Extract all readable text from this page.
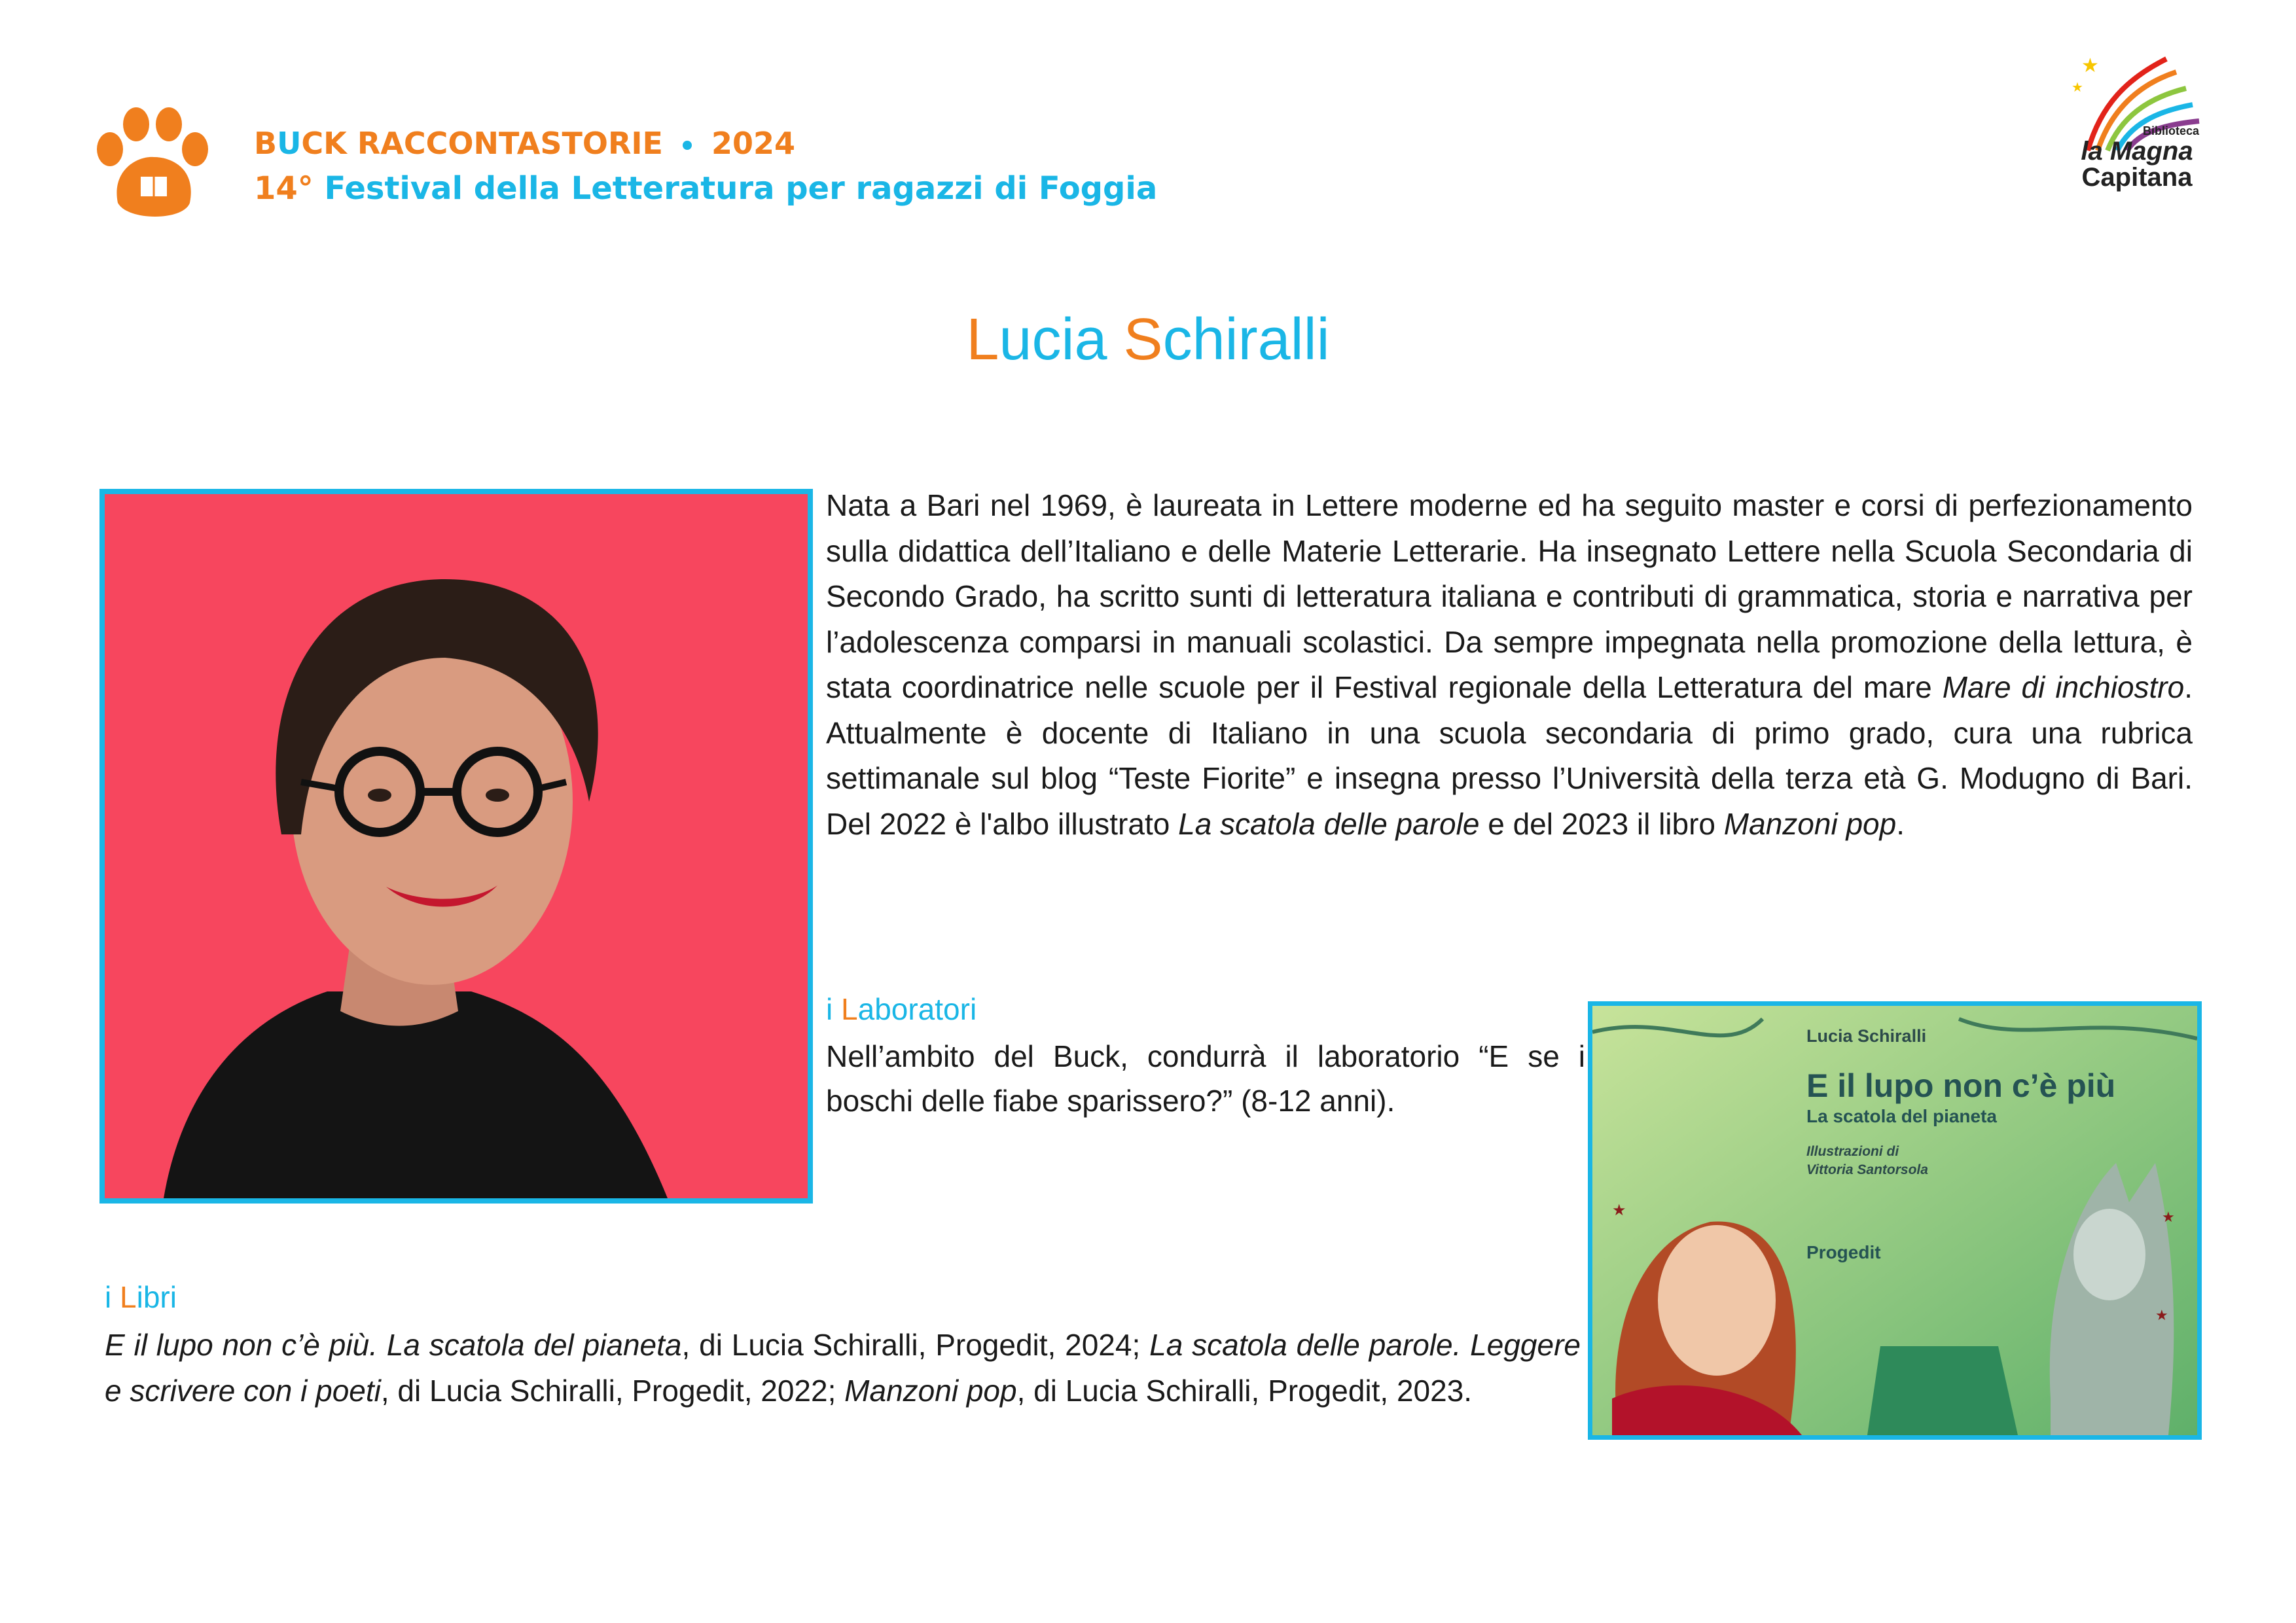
BUCK RACCONTASTORIE 2024
14° Festival della Letteratura per ragazzi di Foggia
★
★
Biblioteca
la Magna
Capitana
Lucia Schiralli
Nata a Bari nel 1969, è laureata in Lettere moderne ed ha seguito master e corsi di perfezionamento sulla didattica dell’Italiano e delle Materie Letterarie. Ha insegnato Lettere nella Scuola Secondaria di Secondo Grado, ha scritto sunti di letteratura italiana e contributi di grammatica, storia e narrativa per l’adolescenza comparsi in manuali scolastici. Da sempre impegnata nella promozione della lettura, è stata coordinatrice nelle scuole per il Festival regionale della Letteratura del mare Mare di inchiostro. Attualmente è docente di Italiano in una scuola secondaria di primo grado, cura una rubrica settimanale sul blog “Teste Fiorite” e insegna presso l’Università della terza età G. Modugno di Bari. Del 2022 è l'albo illustrato La scatola delle parole e del 2023 il libro Manzoni pop.
i Laboratori
Nell’ambito del Buck, condurrà il laboratorio “E se i boschi delle fiabe sparissero?” (8-12 anni).
★	★
★
Lucia Schiralli
E il lupo non c’è più
La scatola del pianeta
Illustrazioni di
Vittoria Santorsola
Progedit
i Libri
E il lupo non c’è più. La scatola del pianeta, di Lucia Schiralli, Progedit, 2024; La scatola delle parole. Leggere e scrivere con i poeti, di Lucia Schiralli, Progedit, 2022; Manzoni pop, di Lucia Schiralli, Progedit, 2023.
